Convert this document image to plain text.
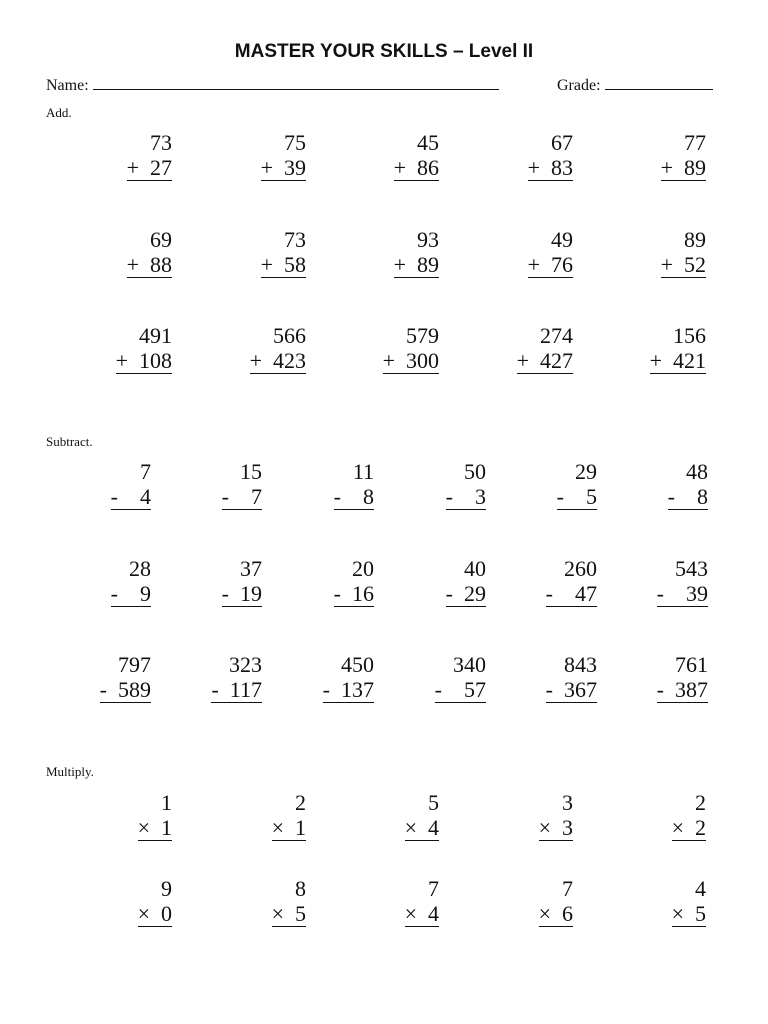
MASTER YOUR SKILLS – Level II
Name:	Grade:
Add.
Subtract.
Multiply.
73
+ 27
75
+ 39
45
+ 86
67
+ 83
77
+ 89
69
+ 88
73
+ 58
93
+ 89
49
+ 76
89
+ 52
491
+ 108
566
+ 423
579
+ 300
274
+ 427
156
+ 421
7
-  4
15
-  7
11
-  8
50
-  3
29
-  5
48
-  8
28
-  9
37
- 19
20
- 16
40
- 29
260
-  47
543
-  39
797
- 589
323
- 117
450
- 137
340
-  57
843
- 367
761
- 387
1
× 1
2
× 1
5
× 4
3
× 3
2
× 2
9
× 0
8
× 5
7
× 4
7
× 6
4
× 5
